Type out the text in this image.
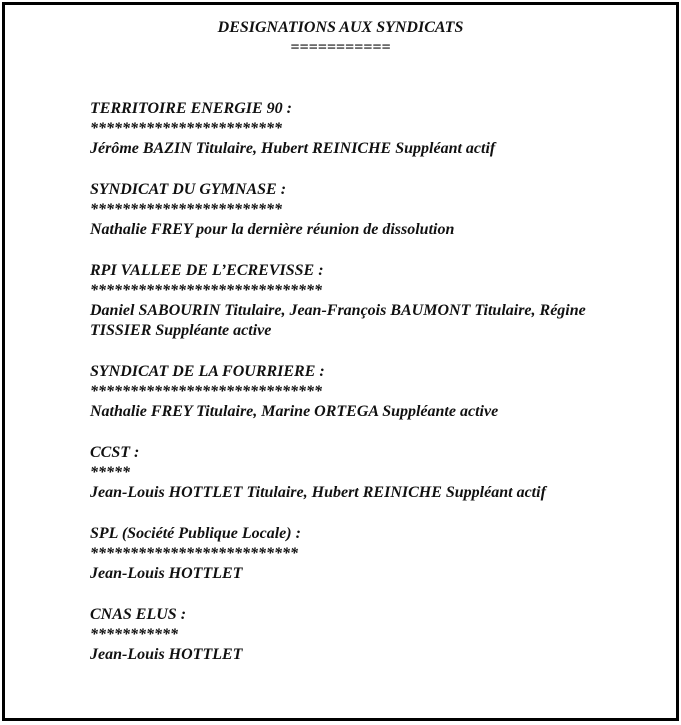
DESIGNATIONS AUX SYNDICATS
===========
TERRITOIRE ENERGIE 90 :
************************
Jérôme BAZIN Titulaire, Hubert REINICHE Suppléant actif
SYNDICAT DU GYMNASE :
************************
Nathalie FREY pour la dernière réunion de dissolution
RPI VALLEE DE L’ECREVISSE :
*****************************
Daniel SABOURIN Titulaire, Jean-François BAUMONT Titulaire, Régine TISSIER Suppléante active
SYNDICAT DE LA FOURRIERE :
*****************************
Nathalie FREY Titulaire, Marine ORTEGA Suppléante active
CCST :
*****
Jean-Louis HOTTLET Titulaire, Hubert REINICHE Suppléant actif
SPL (Société Publique Locale) :
**************************
Jean-Louis HOTTLET
CNAS ELUS :
***********
Jean-Louis HOTTLET
